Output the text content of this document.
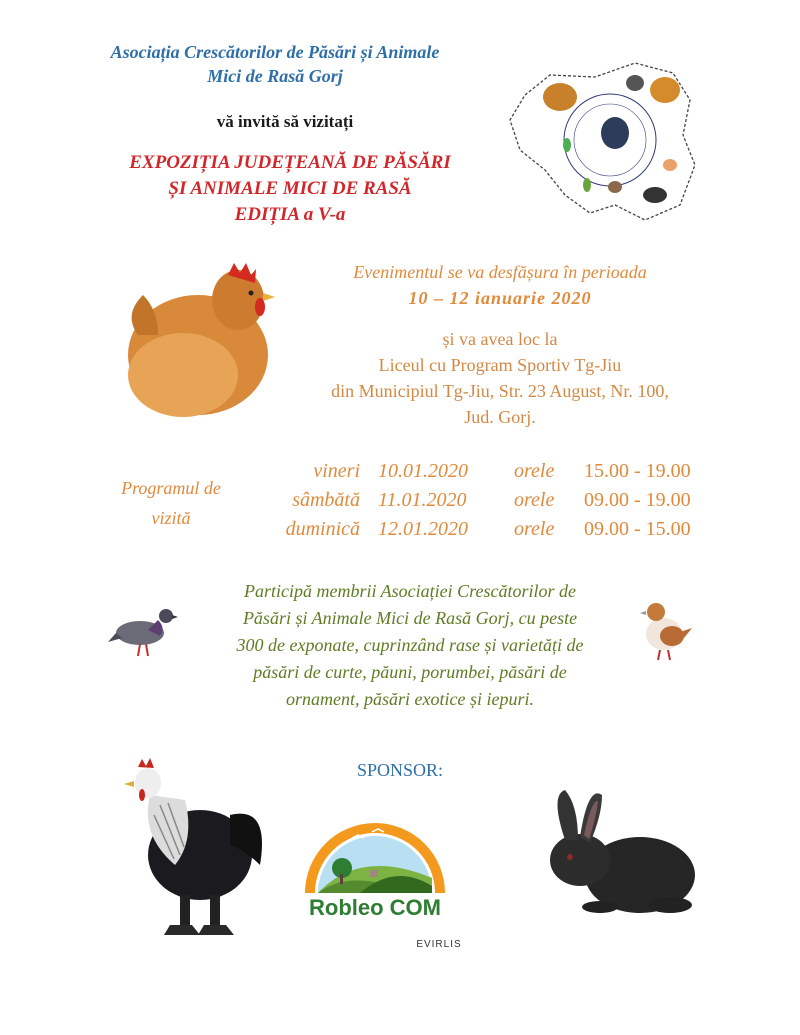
Asociația Crescătorilor de Păsări și Animale
Mici de Rasă Gorj
vă invită să vizitați
EXPOZIȚIA JUDEȚEANĂ DE PĂSĂRI
ȘI ANIMALE MICI DE RASĂ
EDIȚIA a V-a
Evenimentul se va desfășura în perioada
10 – 12 ianuarie 2020
și va avea loc la
Liceul cu Program Sportiv Tg-Jiu
din Municipiul Tg-Jiu, Str. 23 August, Nr. 100,
Jud. Gorj.
Programul de
vizită
vineri 10.01.2020 orele 15.00 - 19.00
sâmbătă 11.01.2020 orele 09.00 - 19.00
duminică 12.01.2020 orele 09.00 - 15.00
Participă membrii Asociației Crescătorilor de
Păsări și Animale Mici de Rasă Gorj, cu peste
300 de exponate, cuprinzând rase și varietăți de
păsări de curte, păuni, porumbei, păsări de
ornament, păsări exotice și iepuri.
SPONSOR:
Robleo COM
EVIRLIS
